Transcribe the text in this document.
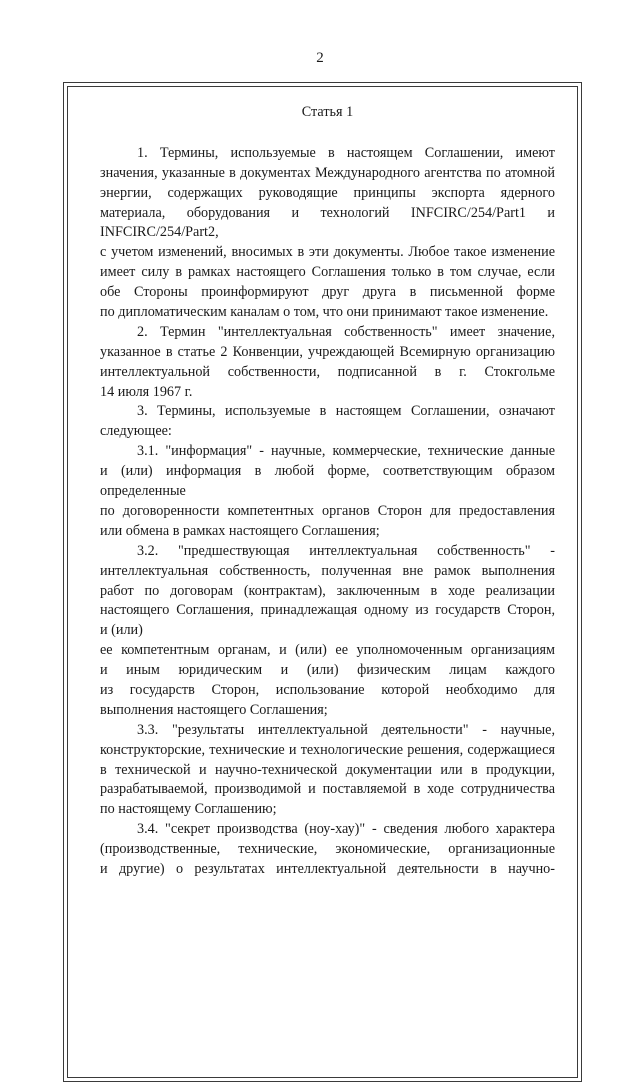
2
Статья 1
1. Термины, используемые в настоящем Соглашении, имеют
значения, указанные в документах Международного агентства по атомной
энергии, содержащих руководящие принципы экспорта ядерного
материала, оборудования и технологий INFCIRC/254/Part1 и
INFCIRC/254/Part2,
с учетом изменений, вносимых в эти документы. Любое такое изменение
имеет силу в рамках настоящего Соглашения только в том случае, если
обе Стороны проинформируют друг друга в письменной форме
по дипломатическим каналам о том, что они принимают такое изменение.
2. Термин "интеллектуальная собственность" имеет значение,
указанное в статье 2 Конвенции, учреждающей Всемирную организацию
интеллектуальной собственности, подписанной в г. Стокгольме
14 июля 1967 г.
3. Термины, используемые в настоящем Соглашении, означают
следующее:
3.1. "информация" - научные, коммерческие, технические данные
и (или) информация в любой форме, соответствующим образом
определенные
по договоренности компетентных органов Сторон для предоставления
или обмена в рамках настоящего Соглашения;
3.2. "предшествующая интеллектуальная собственность" -
интеллектуальная собственность, полученная вне рамок выполнения
работ по договорам (контрактам), заключенным в ходе реализации
настоящего Соглашения, принадлежащая одному из государств Сторон,
и (или)
ее компетентным органам, и (или) ее уполномоченным организациям
и иным юридическим и (или) физическим лицам каждого
из государств Сторон, использование которой необходимо для
выполнения настоящего Соглашения;
3.3. "результаты интеллектуальной деятельности" - научные,
конструкторские, технические и технологические решения, содержащиеся
в технической и научно-технической документации или в продукции,
разрабатываемой, производимой и поставляемой в ходе сотрудничества
по настоящему Соглашению;
3.4. "секрет производства (ноу-хау)" - сведения любого характера
(производственные, технические, экономические, организационные
и другие) о результатах интеллектуальной деятельности в научно-
